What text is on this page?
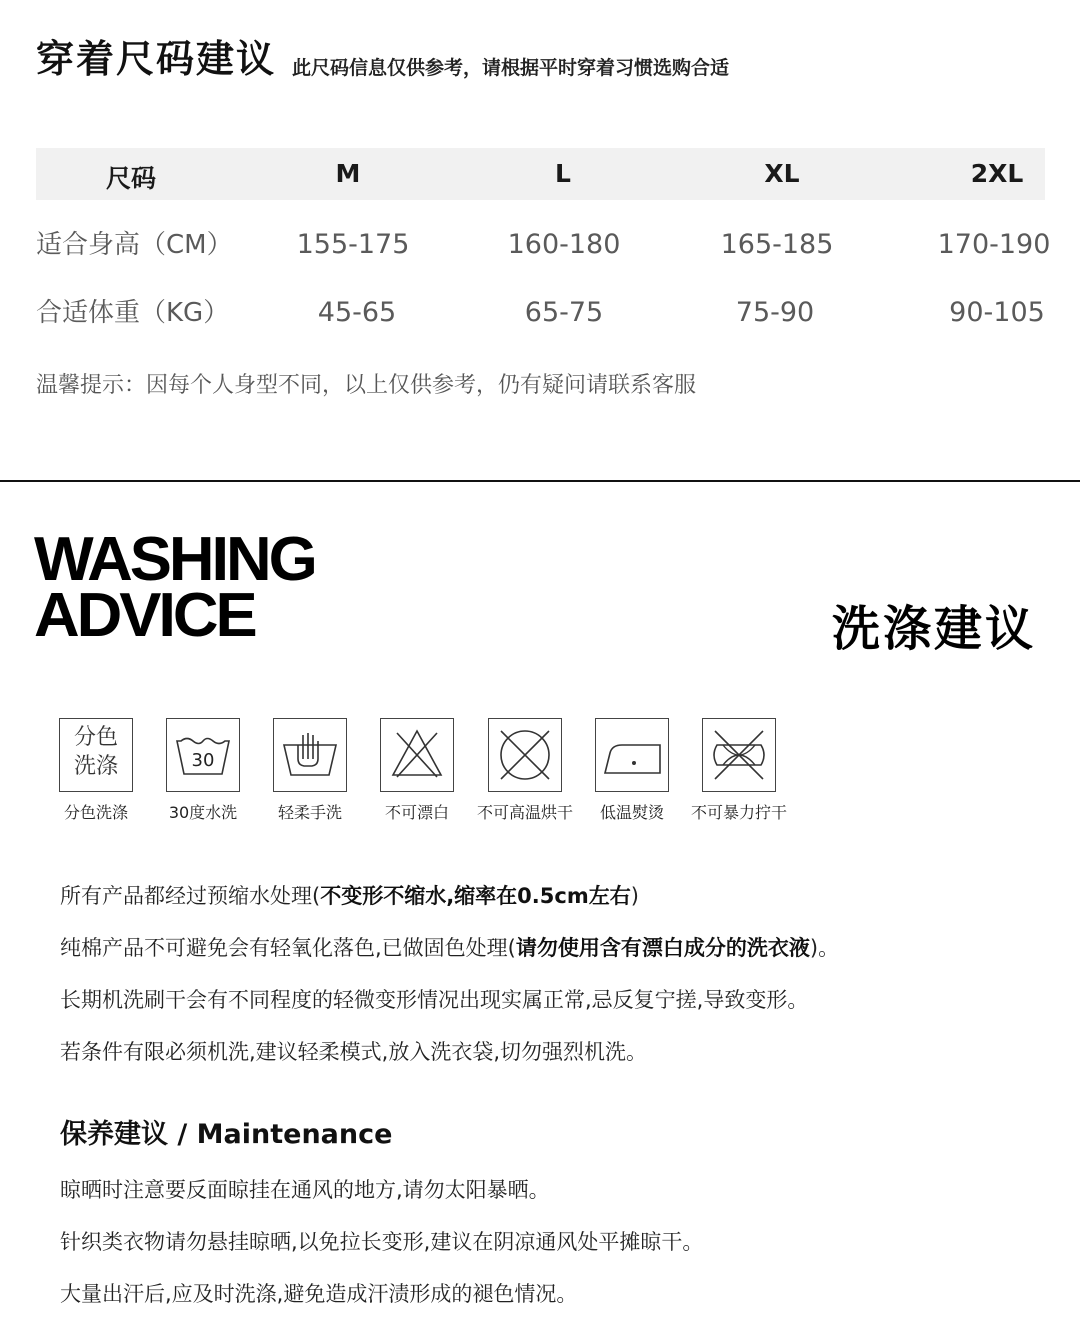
穿着尺码建议 此尺码信息仅供参考，请根据平时穿着习惯选购合适
尺码	M	L	XL	2XL
适合身高（CM）	155-175	160-180	165-185	170-190
合适体重（KG）	45-65	65-75	75-90	90-105
温馨提示：因每个人身型不同，以上仅供参考，仍有疑问请联系客服
WASHING
ADVICE	洗涤建议
分色
洗涤
分色洗涤
30
30度水洗	轻柔手洗	不可漂白	不可高温烘干	低温熨烫	不可暴力拧干
所有产品都经过预缩水处理(不变形不缩水,缩率在0.5cm左右)
纯棉产品不可避免会有轻氧化落色,已做固色处理(请勿使用含有漂白成分的洗衣液)。
长期机洗刷干会有不同程度的轻微变形情况出现实属正常,忌反复宁搓,导致变形。
若条件有限必须机洗,建议轻柔模式,放入洗衣袋,切勿强烈机洗。
保养建议 / Maintenance
晾晒时注意要反面晾挂在通风的地方,请勿太阳暴晒。
针织类衣物请勿悬挂晾晒,以免拉长变形,建议在阴凉通风处平摊晾干。
大量出汗后,应及时洗涤,避免造成汗渍形成的褪色情况。
